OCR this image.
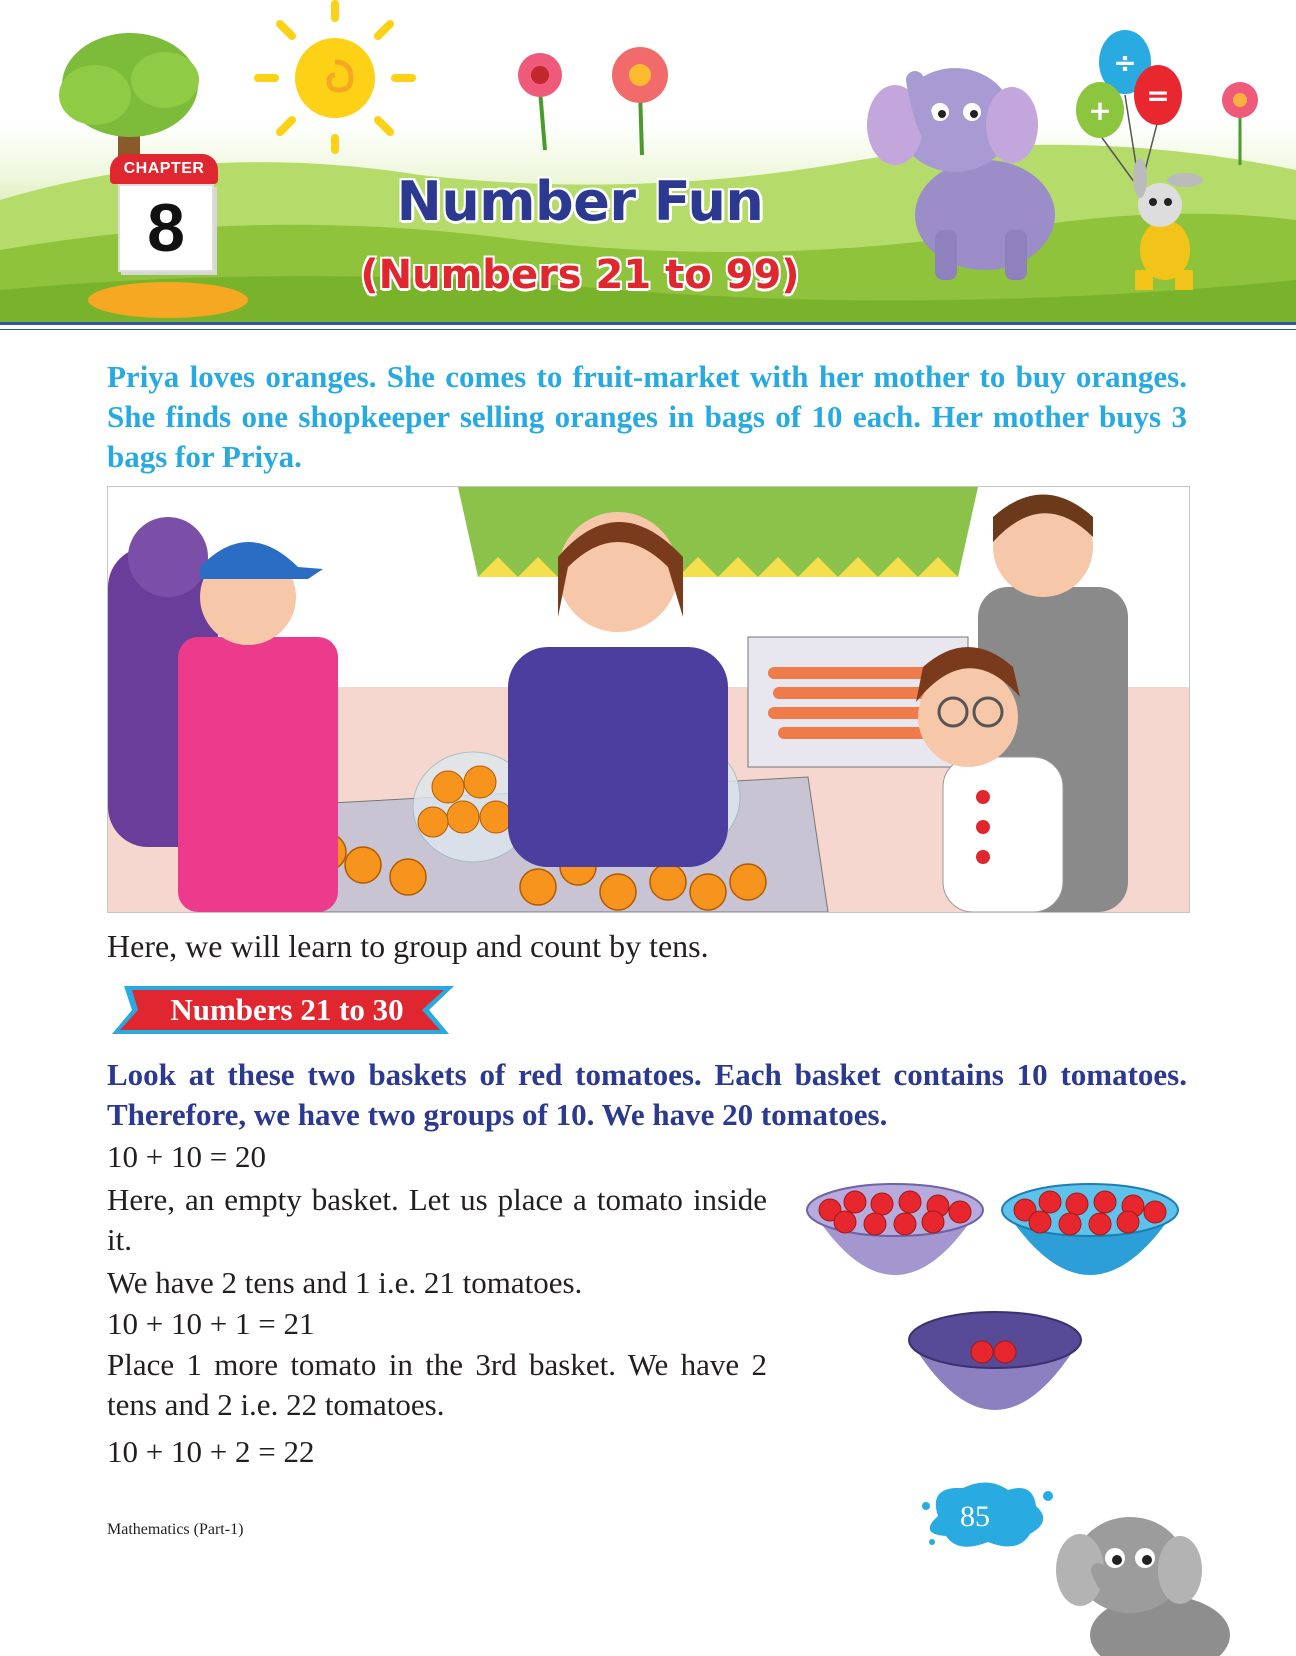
÷
+ =
CHAPTER
8	Number Fun
(Numbers 21 to 99)

Priya loves oranges. She comes to fruit-market with her mother to buy oranges. She finds one shopkeeper selling oranges in bags of 10 each. Her mother buys 3 bags for Priya.

Here, we will learn to group and count by tens.

Numbers 21 to 30

Look at these two baskets of red tomatoes. Each basket contains 10 tomatoes. Therefore, we have two groups of 10. We have 20 tomatoes.

10 + 10 = 20

Here, an empty basket. Let us place a tomato inside it.

We have 2 tens and 1 i.e. 21 tomatoes.

10 + 10 + 1 = 21

Place 1 more tomato in the 3rd basket. We have 2 tens and 2 i.e. 22 tomatoes.

10 + 10 + 2 = 22

Mathematics (Part-1)	85
